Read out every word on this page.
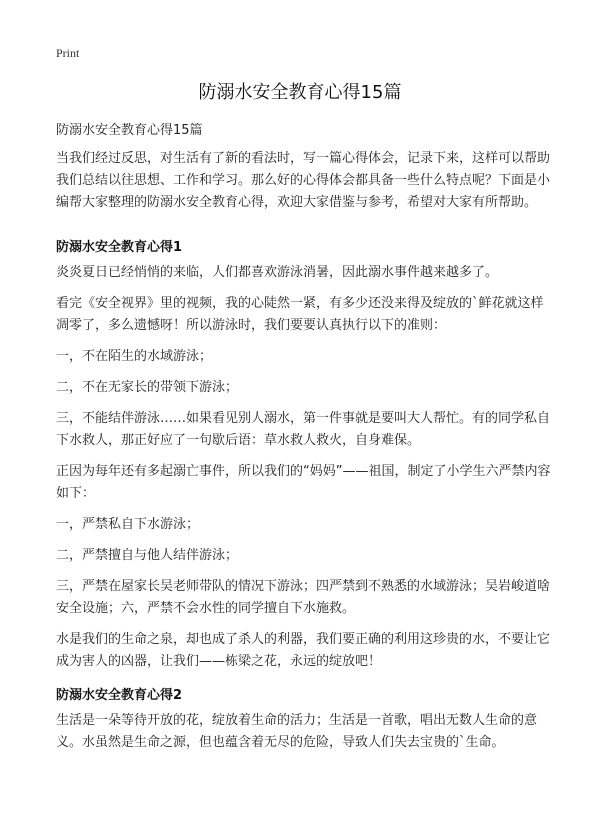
Print
防溺水安全教育心得15篇

防溺水安全教育心得15篇

当我们经过反思，对生活有了新的看法时，写一篇心得体会，记录下来，这样可以帮助我们总结以往思想、工作和学习。那么好的心得体会都具备一些什么特点呢？下面是小编帮大家整理的防溺水安全教育心得，欢迎大家借鉴与参考，希望对大家有所帮助。

防溺水安全教育心得1

炎炎夏日已经悄悄的来临，人们都喜欢游泳消暑，因此溺水事件越来越多了。

看完《安全视界》里的视频，我的心陡然一紧，有多少还没来得及绽放的`鲜花就这样凋零了，多么遗憾呀！所以游泳时，我们要要认真执行以下的准则：

一，不在陌生的水域游泳；

二，不在无家长的带领下游泳；

三，不能结伴游泳……如果看见别人溺水，第一件事就是要叫大人帮忙。有的同学私自下水救人，那正好应了一句歇后语：草水救人救火，自身难保。

正因为每年还有多起溺亡事件，所以我们的“妈妈”——祖国，制定了小学生六严禁内容如下：

一，严禁私自下水游泳；

二，严禁擅自与他人结伴游泳；

三，严禁在屋家长吴老师带队的情况下游泳；四严禁到不熟悉的水域游泳；吴岩峻道啥安全设施；六，严禁不会水性的同学擅自下水施救。

水是我们的生命之泉，却也成了杀人的利器，我们要正确的利用这珍贵的水，不要让它成为害人的凶器，让我们——栋梁之花，永远的绽放吧！

防溺水安全教育心得2

生活是一朵等待开放的花，绽放着生命的活力；生活是一首歌，唱出无数人生命的意义。水虽然是生命之源，但也蕴含着无尽的危险，导致人们失去宝贵的`生命。
